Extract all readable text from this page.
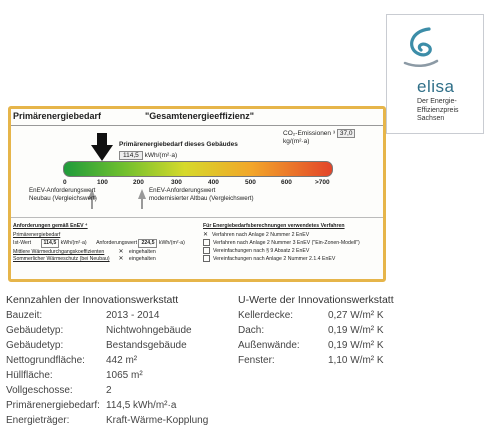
elisa
Der Energie-
Effizienzpreis
Sachsen
Primärenergiebedarf	"Gesamtenergieeffizienz"
CO₂-Emissionen ³ 37,0 kg/(m²·a)
Primärenergiebedarf dieses Gebäudes
114,5 kWh/(m²·a)
0	100	200	300	400	500	600	>700
EnEV-Anforderungswert
Neubau (Vergleichswert)
EnEV-Anforderungswert
modernisierter Altbau (Vergleichswert)
Anforderungen gemäß EnEV ⁴
Primärenergiebedarf
Ist-Wert 114,5 kWh/(m²·a) Anforderungswert 224,5 kWh/(m²·a)
Mittlere Wärmedurchgangskoeffizienten ✕ eingehalten
Sommerlicher Wärmeschutz (bei Neubau) ✕ eingehalten
Für Energiebedarfsberechnungen verwendetes Verfahren
✕ Verfahren nach Anlage 2 Nummer 2 EnEV
Verfahren nach Anlage 2 Nummer 3 EnEV ("Ein-Zonen-Modell")
Vereinfachungen nach § 9 Absatz 2 EnEV
Vereinfachungen nach Anlage 2 Nummer 2.1.4 EnEV
Kennzahlen der Innovationswerkstatt
Bauzeit:	2013 - 2014
Gebäudetyp:	Nichtwohngebäude
Gebäudetyp:	Bestandsgebäude
Nettogrundfläche: 442 m²
Hüllfläche:	1065 m²
Vollgeschosse:	2
Primärenergiebedarf: 114,5 kWh/m²·a
Energieträger:	Kraft-Wärme-Kopplung
U-Werte der Innovationswerkstatt
Kellerdecke:	0,27 W/m² K
Dach:	0,19 W/m² K
Außenwände:	0,19 W/m² K
Fenster:	1,10 W/m² K
